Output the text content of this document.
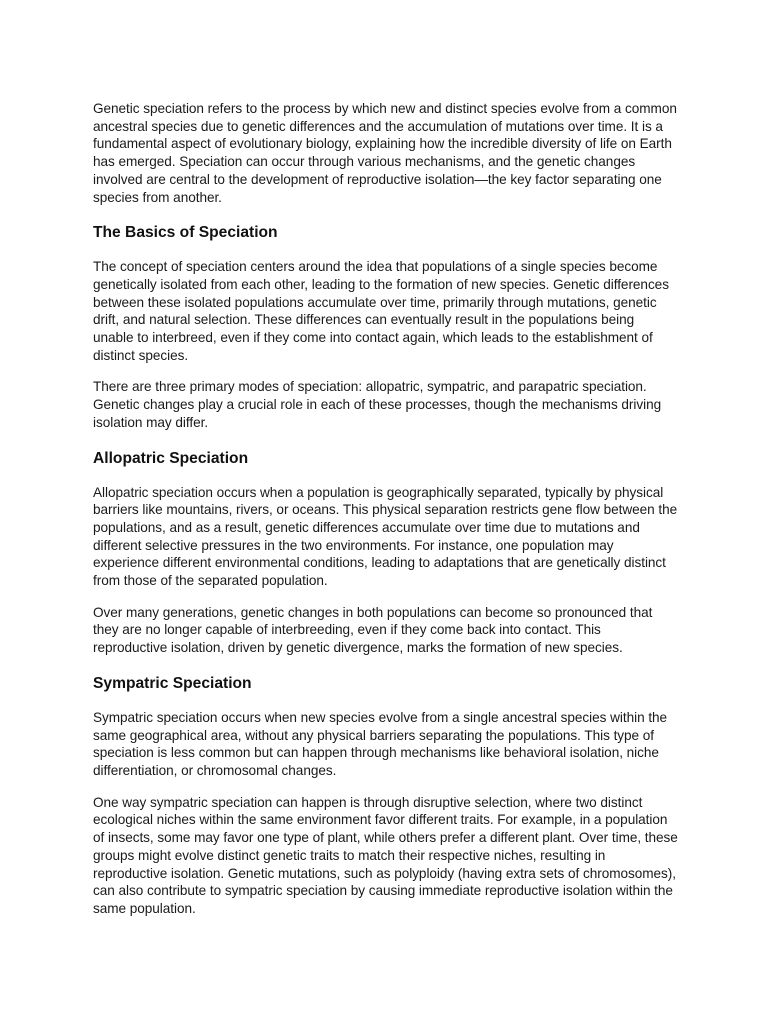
Genetic speciation refers to the process by which new and distinct species evolve from a common ancestral species due to genetic differences and the accumulation of mutations over time. It is a fundamental aspect of evolutionary biology, explaining how the incredible diversity of life on Earth has emerged. Speciation can occur through various mechanisms, and the genetic changes involved are central to the development of reproductive isolation—the key factor separating one species from another.

The Basics of Speciation

The concept of speciation centers around the idea that populations of a single species become genetically isolated from each other, leading to the formation of new species. Genetic differences between these isolated populations accumulate over time, primarily through mutations, genetic drift, and natural selection. These differences can eventually result in the populations being unable to interbreed, even if they come into contact again, which leads to the establishment of distinct species.

There are three primary modes of speciation: allopatric, sympatric, and parapatric speciation. Genetic changes play a crucial role in each of these processes, though the mechanisms driving isolation may differ.

Allopatric Speciation

Allopatric speciation occurs when a population is geographically separated, typically by physical barriers like mountains, rivers, or oceans. This physical separation restricts gene flow between the populations, and as a result, genetic differences accumulate over time due to mutations and different selective pressures in the two environments. For instance, one population may experience different environmental conditions, leading to adaptations that are genetically distinct from those of the separated population.

Over many generations, genetic changes in both populations can become so pronounced that they are no longer capable of interbreeding, even if they come back into contact. This reproductive isolation, driven by genetic divergence, marks the formation of new species.

Sympatric Speciation

Sympatric speciation occurs when new species evolve from a single ancestral species within the same geographical area, without any physical barriers separating the populations. This type of speciation is less common but can happen through mechanisms like behavioral isolation, niche differentiation, or chromosomal changes.

One way sympatric speciation can happen is through disruptive selection, where two distinct ecological niches within the same environment favor different traits. For example, in a population of insects, some may favor one type of plant, while others prefer a different plant. Over time, these groups might evolve distinct genetic traits to match their respective niches, resulting in reproductive isolation. Genetic mutations, such as polyploidy (having extra sets of chromosomes), can also contribute to sympatric speciation by causing immediate reproductive isolation within the same population.
